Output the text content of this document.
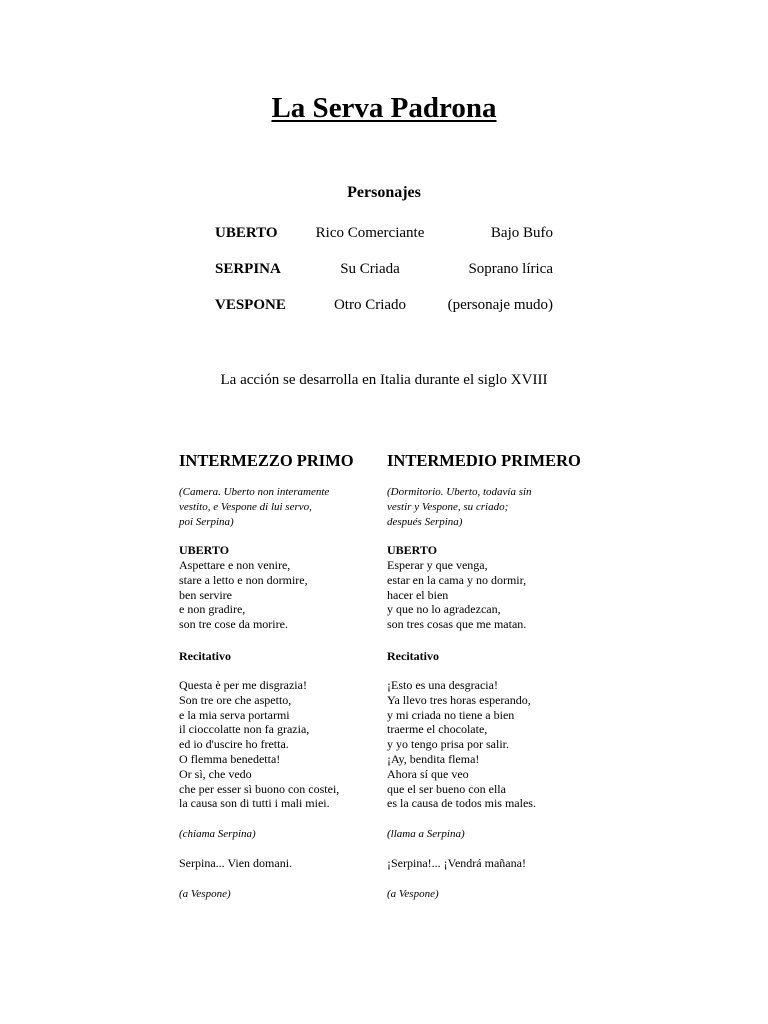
La Serva Padrona
Personajes
UBERTO	Rico Comerciante	Bajo Bufo
SERPINA	Su Criada	Soprano lírica
VESPONE	Otro Criado	(personaje mudo)
La acción se desarrolla en Italia durante el siglo XVIII
INTERMEZZO PRIMO
(Camera. Uberto non interamente
vestito, e Vespone di lui servo,
poi Serpina)
UBERTO
Aspettare e non venire,
stare a letto e non dormire,
ben servire
e non gradire,
son tre cose da morire.
Recitativo
Questa è per me disgrazia!
Son tre ore che aspetto,
e la mia serva portarmi
il cioccolatte non fa grazia,
ed io d'uscire ho fretta.
O flemma benedetta!
Or sì, che vedo
che per esser sì buono con costei,
la causa son di tutti i mali miei.
(chiama Serpina)
Serpina... Vien domani.
(a Vespone)
INTERMEDIO PRIMERO
(Dormitorio. Uberto, todavía sin
vestir y Vespone, su criado;
después Serpina)
UBERTO
Esperar y que venga,
estar en la cama y no dormir,
hacer el bien
y que no lo agradezcan,
son tres cosas que me matan.
Recitativo
¡Esto es una desgracia!
Ya llevo tres horas esperando,
y mi criada no tiene a bien
traerme el chocolate,
y yo tengo prisa por salir.
¡Ay, bendita flema!
Ahora sí que veo
que el ser bueno con ella
es la causa de todos mis males.
(llama a Serpina)
¡Serpina!... ¡Vendrá mañana!
(a Vespone)
